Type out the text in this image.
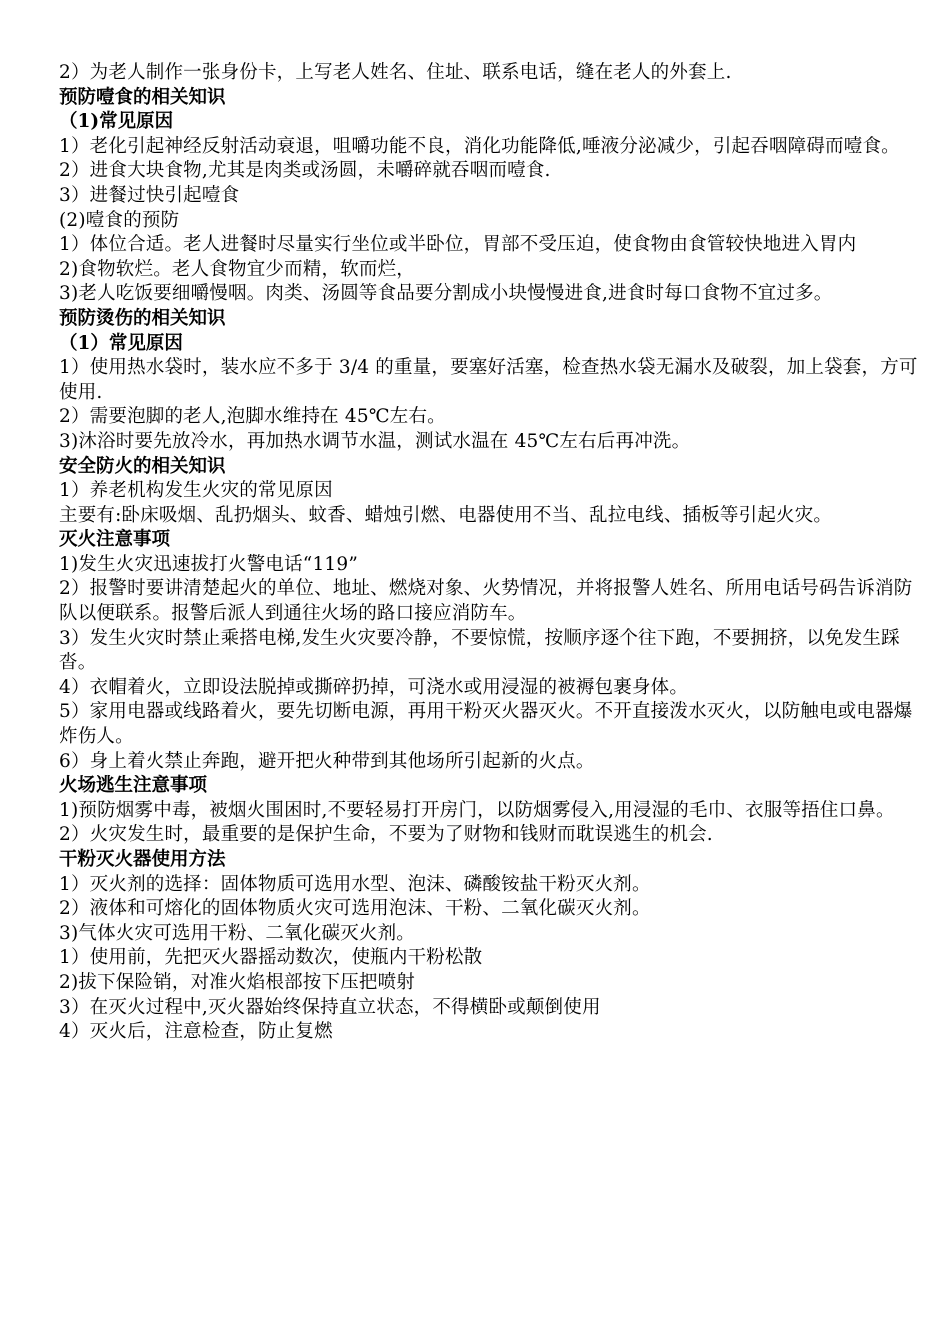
2）为老人制作一张身份卡，上写老人姓名、住址、联系电话，缝在老人的外套上.
预防噎食的相关知识
（1)常见原因
1）老化引起神经反射活动衰退，咀嚼功能不良，消化功能降低,唾液分泌减少，引起吞咽障碍而噎食。
2）进食大块食物,尤其是肉类或汤圆，未嚼碎就吞咽而噎食.
3）进餐过快引起噎食
(2)噎食的预防
1）体位合适。老人进餐时尽量实行坐位或半卧位，胃部不受压迫，使食物由食管较快地进入胃内
2)食物软烂。老人食物宜少而精，软而烂，
3)老人吃饭要细嚼慢咽。肉类、汤圆等食品要分割成小块慢慢进食,进食时每口食物不宜过多。
预防烫伤的相关知识
（1）常见原因
1）使用热水袋时，装水应不多于 3/4 的重量，要塞好活塞，检查热水袋无漏水及破裂，加上袋套，方可使用.
2）需要泡脚的老人,泡脚水维持在 45℃左右。
3)沐浴时要先放冷水，再加热水调节水温，测试水温在 45℃左右后再冲洗。
安全防火的相关知识
1）养老机构发生火灾的常见原因
主要有:卧床吸烟、乱扔烟头、蚊香、蜡烛引燃、电器使用不当、乱拉电线、插板等引起火灾。
灭火注意事项
1)发生火灾迅速拔打火警电话“119”
2）报警时要讲清楚起火的单位、地址、燃烧对象、火势情况，并将报警人姓名、所用电话号码告诉消防队以便联系。报警后派人到通往火场的路口接应消防车。
3）发生火灾时禁止乘搭电梯,发生火灾要冷静，不要惊慌，按顺序逐个往下跑，不要拥挤，以免发生踩沓。
4）衣帽着火，立即设法脱掉或撕碎扔掉，可浇水或用浸湿的被褥包裹身体。
5）家用电器或线路着火，要先切断电源，再用干粉灭火器灭火。不开直接泼水灭火，以防触电或电器爆炸伤人。
6）身上着火禁止奔跑，避开把火种带到其他场所引起新的火点。
火场逃生注意事项
1)预防烟雾中毒，被烟火围困时,不要轻易打开房门，以防烟雾侵入,用浸湿的毛巾、衣服等捂住口鼻。
2）火灾发生时，最重要的是保护生命，不要为了财物和钱财而耽误逃生的机会.
干粉灭火器使用方法
1）灭火剂的选择：固体物质可选用水型、泡沫、磷酸铵盐干粉灭火剂。
2）液体和可熔化的固体物质火灾可选用泡沫、干粉、二氧化碳灭火剂。
3)气体火灾可选用干粉、二氧化碳灭火剂。
1）使用前，先把灭火器摇动数次，使瓶内干粉松散
2)拔下保险销，对准火焰根部按下压把喷射
3）在灭火过程中,灭火器始终保持直立状态，不得横卧或颠倒使用
4）灭火后，注意检查，防止复燃
